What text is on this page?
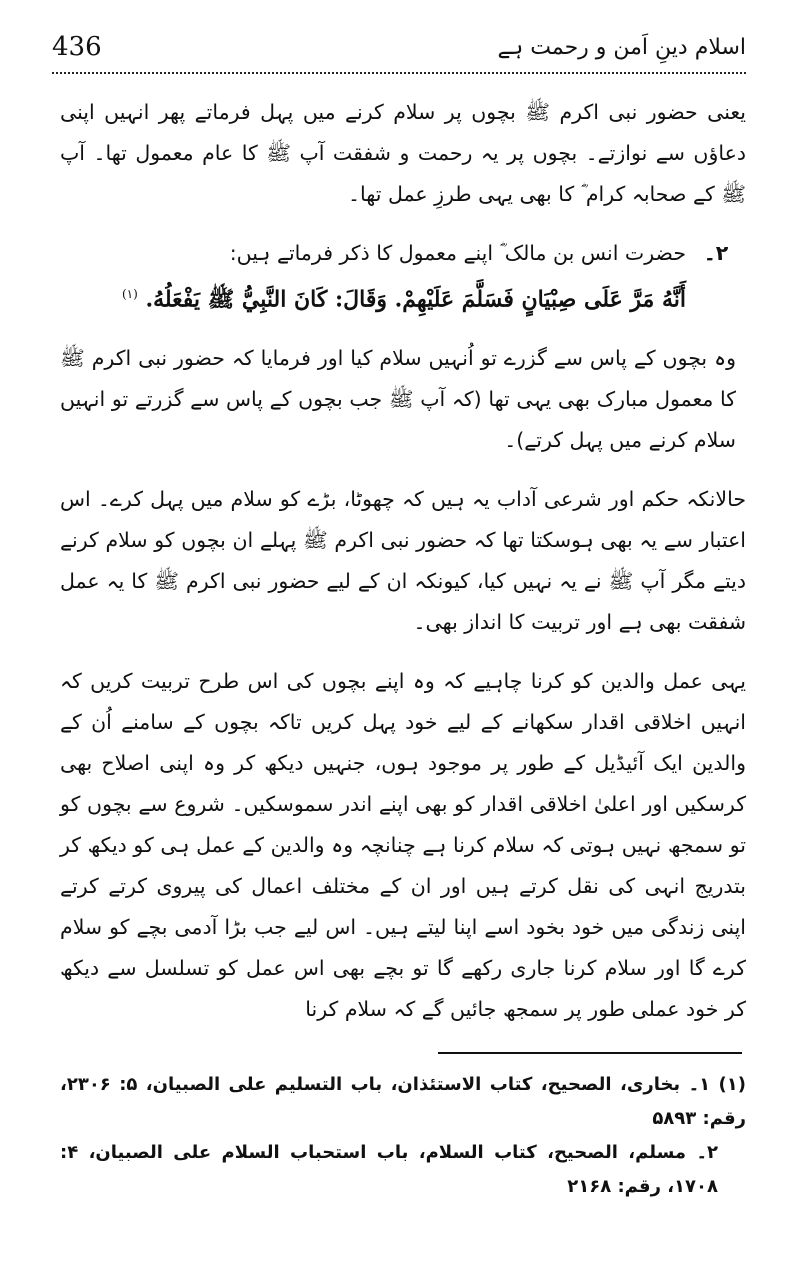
436	اسلام دینِ اَمن و رحمت ہے

یعنی حضور نبی اکرم ﷺ بچوں پر سلام کرنے میں پہل فرماتے پھر انہیں اپنی دعاؤں سے نوازتے۔ بچوں پر یہ رحمت و شفقت آپ ﷺ کا عام معمول تھا۔ آپ ﷺ کے صحابہ کرام ؓ کا بھی یہی طرزِ عمل تھا۔

۲۔
حضرت انس بن مالک ؓ اپنے معمول کا ذکر فرماتے ہیں:

أَنَّهُ مَرَّ عَلَى صِبْيَانٍ فَسَلَّمَ عَلَيْهِمْ. وَقَالَ: كَانَ النَّبِيُّ ﷺ يَفْعَلُهُ. $^{(۱)}$

وہ بچوں کے پاس سے گزرے تو اُنہیں سلام کیا اور فرمایا کہ حضور نبی اکرم ﷺ کا معمول مبارک بھی یہی تھا (کہ آپ ﷺ جب بچوں کے پاس سے گزرتے تو انہیں سلام کرنے میں پہل کرتے)۔

حالانکہ حکم اور شرعی آداب یہ ہیں کہ چھوٹا، بڑے کو سلام میں پہل کرے۔ اس اعتبار سے یہ بھی ہوسکتا تھا کہ حضور نبی اکرم ﷺ پہلے ان بچوں کو سلام کرنے دیتے مگر آپ ﷺ نے یہ نہیں کیا، کیونکہ ان کے لیے حضور نبی اکرم ﷺ کا یہ عمل شفقت بھی ہے اور تربیت کا انداز بھی۔

یہی عمل والدین کو کرنا چاہیے کہ وہ اپنے بچوں کی اس طرح تربیت کریں کہ انہیں اخلاقی اقدار سکھانے کے لیے خود پہل کریں تاکہ بچوں کے سامنے اُن کے والدین ایک آئیڈیل کے طور پر موجود ہوں، جنہیں دیکھ کر وہ اپنی اصلاح بھی کرسکیں اور اعلیٰ اخلاقی اقدار کو بھی اپنے اندر سموسکیں۔ شروع سے بچوں کو تو سمجھ نہیں ہوتی کہ سلام کرنا ہے چنانچہ وہ والدین کے عمل ہی کو دیکھ کر بتدریج انہی کی نقل کرتے ہیں اور ان کے مختلف اعمال کی پیروی کرتے کرتے اپنی زندگی میں خود بخود اسے اپنا لیتے ہیں۔ اس لیے جب بڑا آدمی بچے کو سلام کرے گا اور سلام کرنا جاری رکھے گا تو بچے بھی اس عمل کو تسلسل سے دیکھ کر خود عملی طور پر سمجھ جائیں گے کہ سلام کرنا

(۱) ۱۔ بخاری، الصحیح، کتاب الاستئذان، باب التسلیم علی الصبیان، ۵: ۲۳۰۶، رقم: ۵۸۹۳

۲۔ مسلم، الصحیح، کتاب السلام، باب استحباب السلام علی الصبیان، ۴: ۱۷۰۸، رقم: ۲۱۶۸
